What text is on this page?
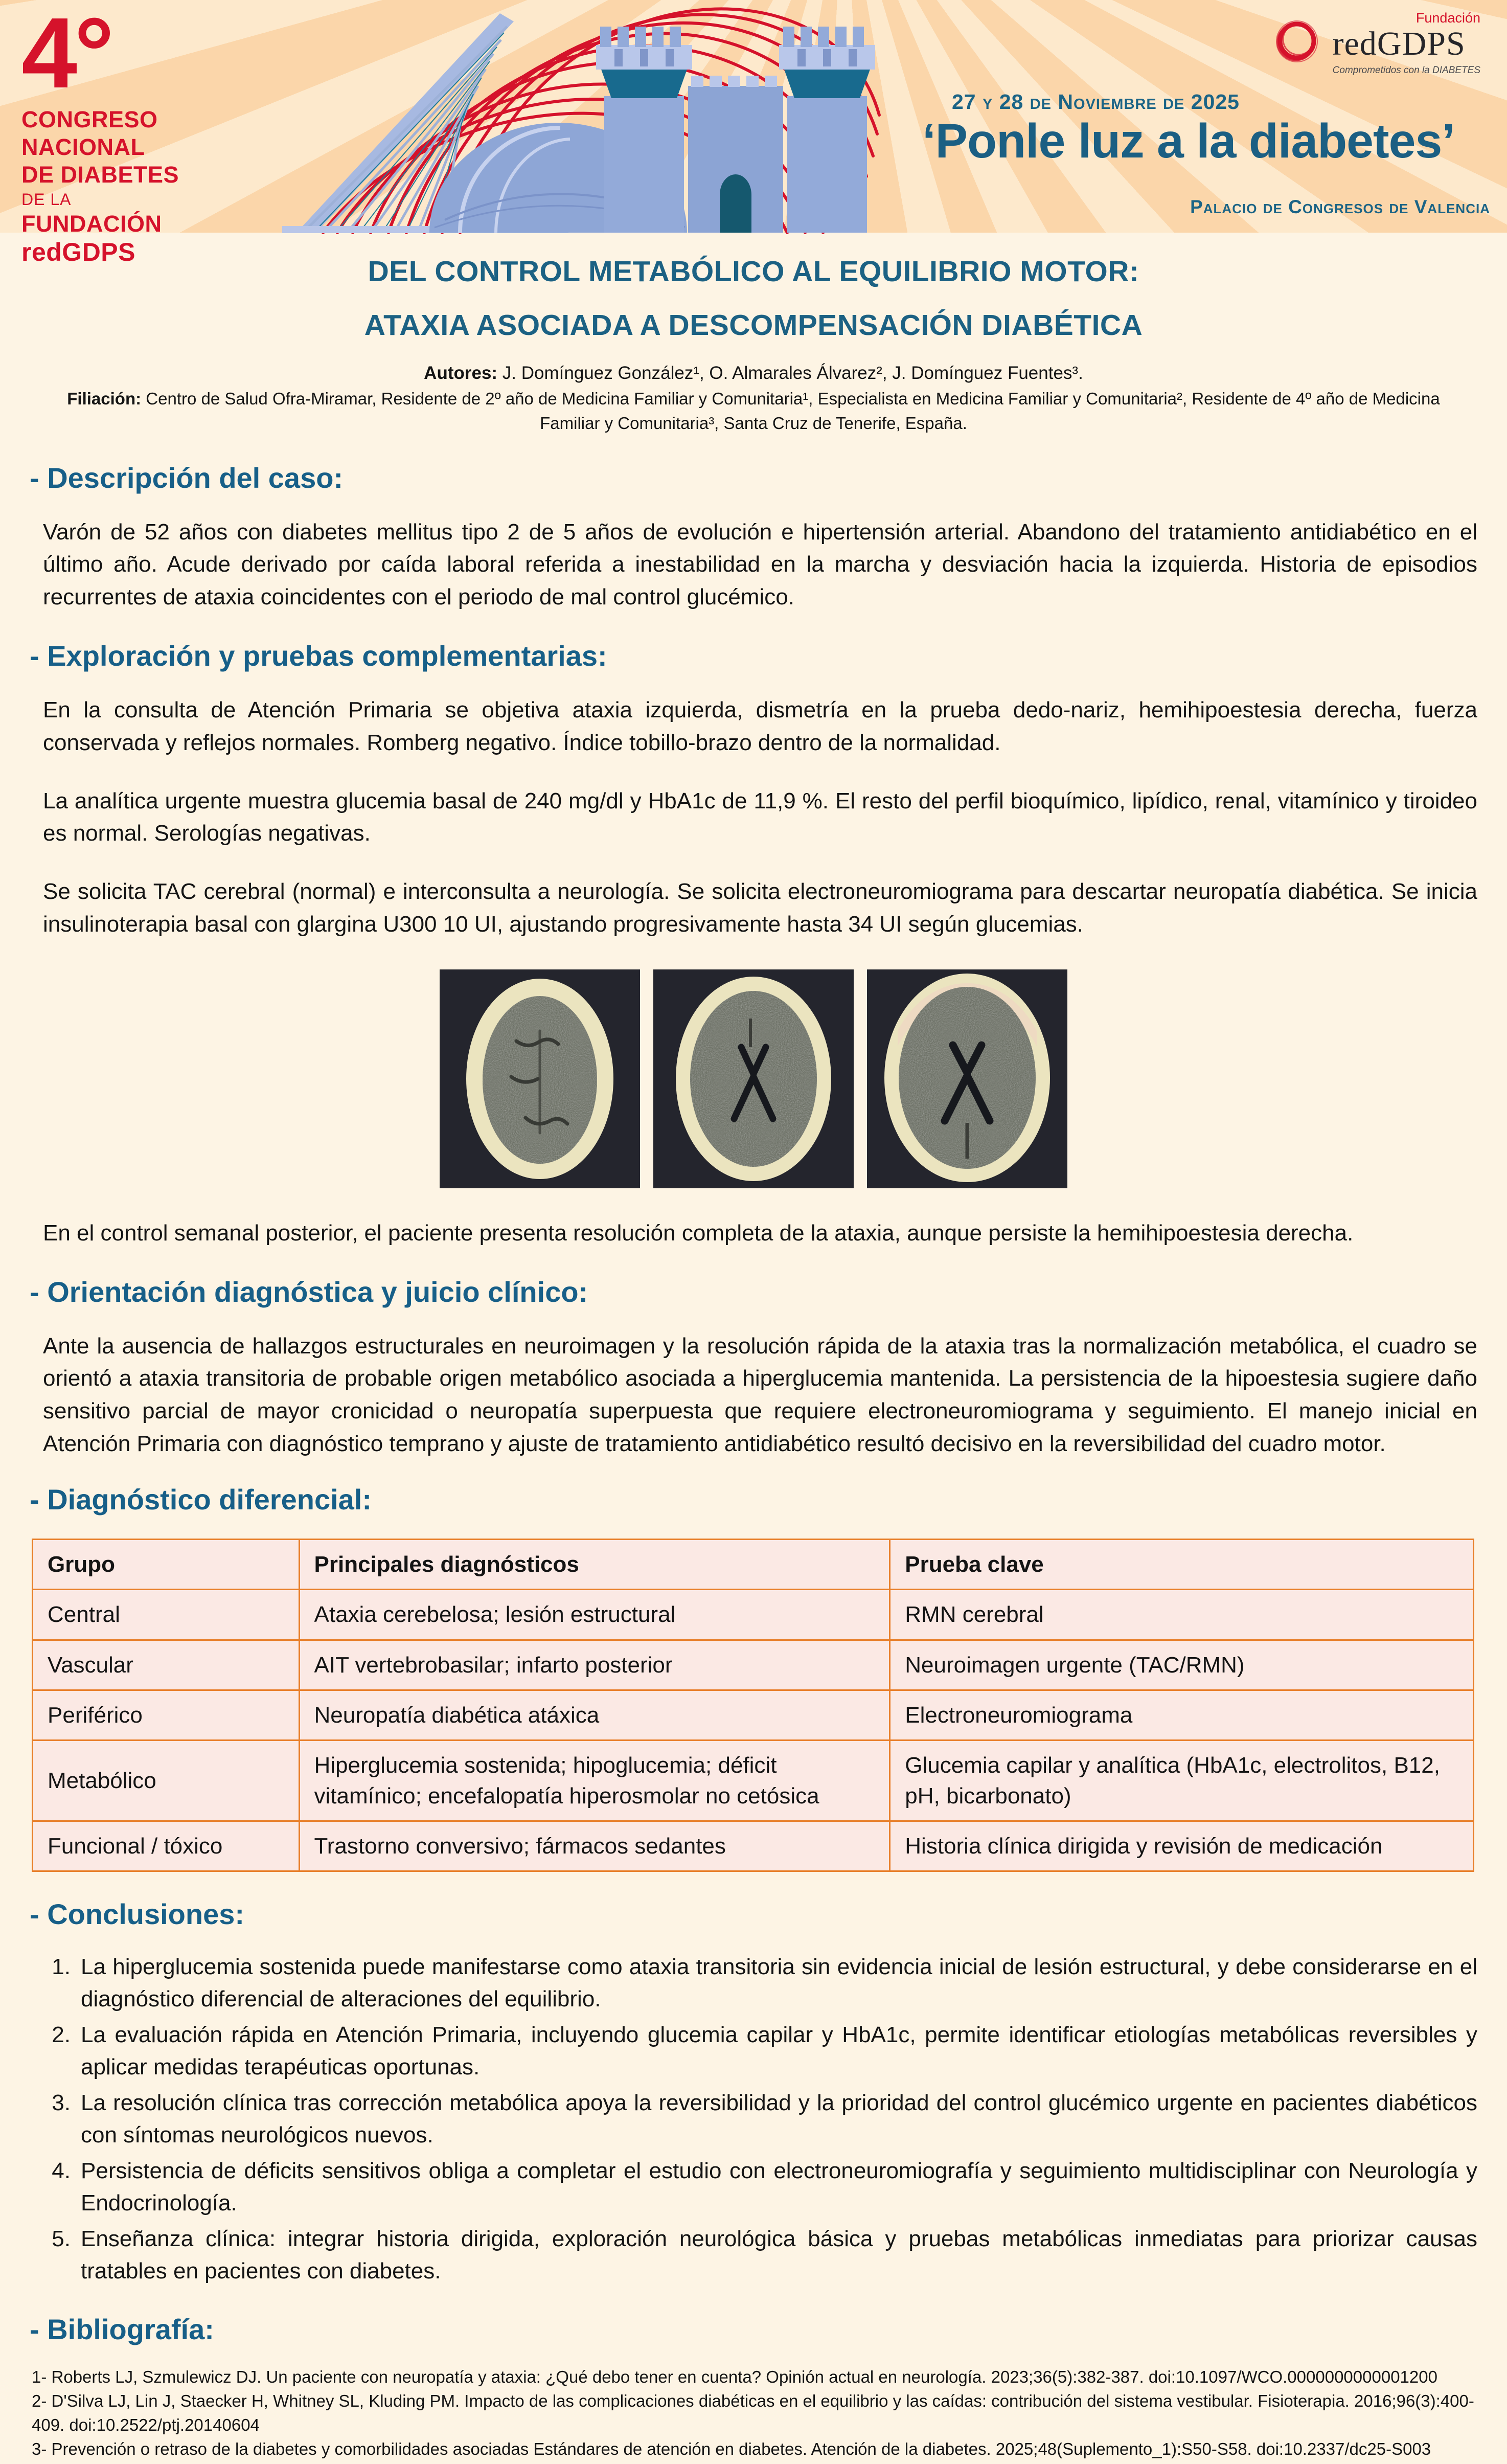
4°
CONGRESO
NACIONAL
DE DIABETES
DE LA
FUNDACIÓN
redGDPS
Fundación
redGDPS
Comprometidos con la DIABETES
27 y 28 de Noviembre de 2025
‘Ponle luz a la diabetes’
Palacio de Congresos de Valencia
DEL CONTROL METABÓLICO AL EQUILIBRIO MOTOR:
ATAXIA ASOCIADA A DESCOMPENSACIÓN DIABÉTICA

Autores: J. Domínguez González¹, O. Almarales Álvarez², J. Domínguez Fuentes³.

Filiación: Centro de Salud Ofra-Miramar, Residente de 2º año de Medicina Familiar y Comunitaria¹, Especialista en Medicina Familiar y Comunitaria², Residente de 4º año de Medicina Familiar y Comunitaria³, Santa Cruz de Tenerife, España.

- Descripción del caso:

Varón de 52 años con diabetes mellitus tipo 2 de 5 años de evolución e hipertensión arterial. Abandono del tratamiento antidiabético en el último año. Acude derivado por caída laboral referida a inestabilidad en la marcha y desviación hacia la izquierda. Historia de episodios recurrentes de ataxia coincidentes con el periodo de mal control glucémico.

- Exploración y pruebas complementarias:

En la consulta de Atención Primaria se objetiva ataxia izquierda, dismetría en la prueba dedo-nariz, hemihipoestesia derecha, fuerza conservada y reflejos normales. Romberg negativo. Índice tobillo-brazo dentro de la normalidad.

La analítica urgente muestra glucemia basal de 240 mg/dl y HbA1c de 11,9 %. El resto del perfil bioquímico, lipídico, renal, vitamínico y tiroideo es normal. Serologías negativas.

Se solicita TAC cerebral (normal) e interconsulta a neurología. Se solicita electroneuromiograma para descartar neuropatía diabética. Se inicia insulinoterapia basal con glargina U300 10 UI, ajustando progresivamente hasta 34 UI según glucemias.

En el control semanal posterior, el paciente presenta resolución completa de la ataxia, aunque persiste la hemihipoestesia derecha.

- Orientación diagnóstica y juicio clínico:

Ante la ausencia de hallazgos estructurales en neuroimagen y la resolución rápida de la ataxia tras la normalización metabólica, el cuadro se orientó a ataxia transitoria de probable origen metabólico asociada a hiperglucemia mantenida. La persistencia de la hipoestesia sugiere daño sensitivo parcial de mayor cronicidad o neuropatía superpuesta que requiere electroneuromiograma y seguimiento. El manejo inicial en Atención Primaria con diagnóstico temprano y ajuste de tratamiento antidiabético resultó decisivo en la reversibilidad del cuadro motor.

- Diagnóstico diferencial:
Grupo	Principales diagnósticos	Prueba clave
Central	Ataxia cerebelosa; lesión estructural	RMN cerebral
Vascular	AIT vertebrobasilar; infarto posterior	Neuroimagen urgente (TAC/RMN)
Periférico	Neuropatía diabética atáxica	Electroneuromiograma
Metabólico	Hiperglucemia sostenida; hipoglucemia; déficit vitamínico; encefalopatía hiperosmolar no cetósica	Glucemia capilar y analítica (HbA1c, electrolitos, B12, pH, bicarbonato)
Funcional / tóxico	Trastorno conversivo; fármacos sedantes	Historia clínica dirigida y revisión de medicación
- Conclusiones:
1. La hiperglucemia sostenida puede manifestarse como ataxia transitoria sin evidencia inicial de lesión estructural, y debe considerarse en el diagnóstico diferencial de alteraciones del equilibrio.
2. La evaluación rápida en Atención Primaria, incluyendo glucemia capilar y HbA1c, permite identificar etiologías metabólicas reversibles y aplicar medidas terapéuticas oportunas.
3. La resolución clínica tras corrección metabólica apoya la reversibilidad y la prioridad del control glucémico urgente en pacientes diabéticos con síntomas neurológicos nuevos.
4. Persistencia de déficits sensitivos obliga a completar el estudio con electroneuromiografía y seguimiento multidisciplinar con Neurología y Endocrinología.
5. Enseñanza clínica: integrar historia dirigida, exploración neurológica básica y pruebas metabólicas inmediatas para priorizar causas tratables en pacientes con diabetes.
- Bibliografía:

1- Roberts LJ, Szmulewicz DJ. Un paciente con neuropatía y ataxia: ¿Qué debo tener en cuenta? Opinión actual en neurología. 2023;36(5):382-387. doi:10.1097/WCO.0000000000001200

2- D'Silva LJ, Lin J, Staecker H, Whitney SL, Kluding PM. Impacto de las complicaciones diabéticas en el equilibrio y las caídas: contribución del sistema vestibular. Fisioterapia. 2016;96(3):400-409. doi:10.2522/ptj.20140604

3- Prevención o retraso de la diabetes y comorbilidades asociadas Estándares de atención en diabetes. Atención de la diabetes. 2025;48(Suplemento_1):S50-S58. doi:10.2337/dc25-S003
